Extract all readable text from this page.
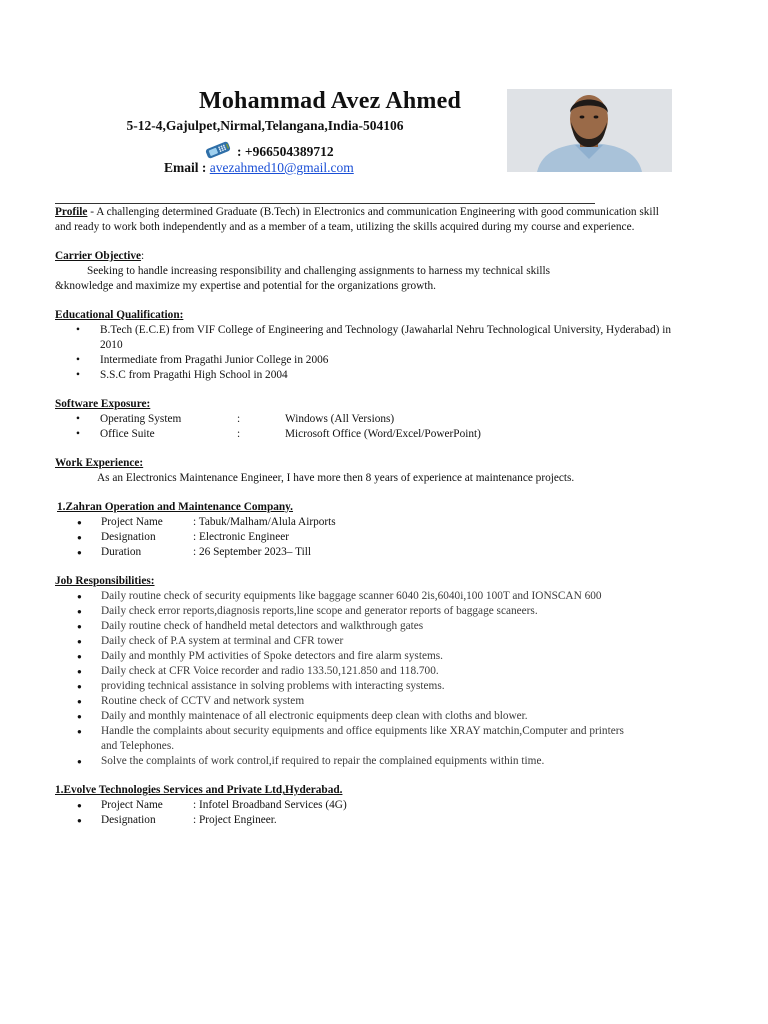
Mohammad Avez Ahmed
5-12-4,Gajulpet,Nirmal,Telangana,India-504106
: +966504389712
Email : avezahmed10@gmail.com

Profile - A challenging determined Graduate (B.Tech) in Electronics and communication Engineering with good communication skill and ready to work both independently and as a member of a team, utilizing the skills acquired during my course and experience.

Carrier Objective:
Seeking to handle increasing responsibility and challenging assignments to harness my technical skills
&knowledge and maximize my expertise and potential for the organizations growth.
Educational Qualification:
• B.Tech (E.C.E) from VIF College of Engineering and Technology (Jawaharlal Nehru Technological University, Hyderabad) in 2010
• Intermediate from Pragathi Junior College in 2006
• S.S.C from Pragathi High School in 2004
Software Exposure:
• Operating System	:	Windows (All Versions)
• Office Suite	:	Microsoft Office (Word/Excel/PowerPoint)
Work Experience:
As an Electronics Maintenance Engineer, I have more then 8 years of experience at maintenance projects.
1.Zahran Operation and Maintenance Company.
● Project Name	: Tabuk/Malham/Alula Airports
● Designation	: Electronic Engineer
● Duration	: 26 September 2023– Till
Job Responsibilities:
● Daily routine check of security equipments like baggage scanner 6040 2is,6040i,100 100T and IONSCAN 600
● Daily check error reports,diagnosis reports,line scope and generator reports of baggage scaneers.
● Daily routine check of handheld metal detectors and walkthrough gates
● Daily check of P.A system at terminal and CFR tower
● Daily and monthly PM activities of Spoke detectors and fire alarm systems.
● Daily check at CFR Voice recorder and radio 133.50,121.850 and 118.700.
● providing technical assistance in solving problems with interacting systems.
● Routine check of CCTV and network system
● Daily and monthly maintenace of all electronic equipments deep clean with cloths and blower.
● Handle the complaints about security equipments and office equipments like XRAY matchin,Computer and printers and Telephones.
● Solve the complaints of work control,if required to repair the complained equipments within time.
1.Evolve Technologies Services and Private Ltd,Hyderabad.
● Project Name	: Infotel Broadband Services (4G)
● Designation	: Project Engineer.
